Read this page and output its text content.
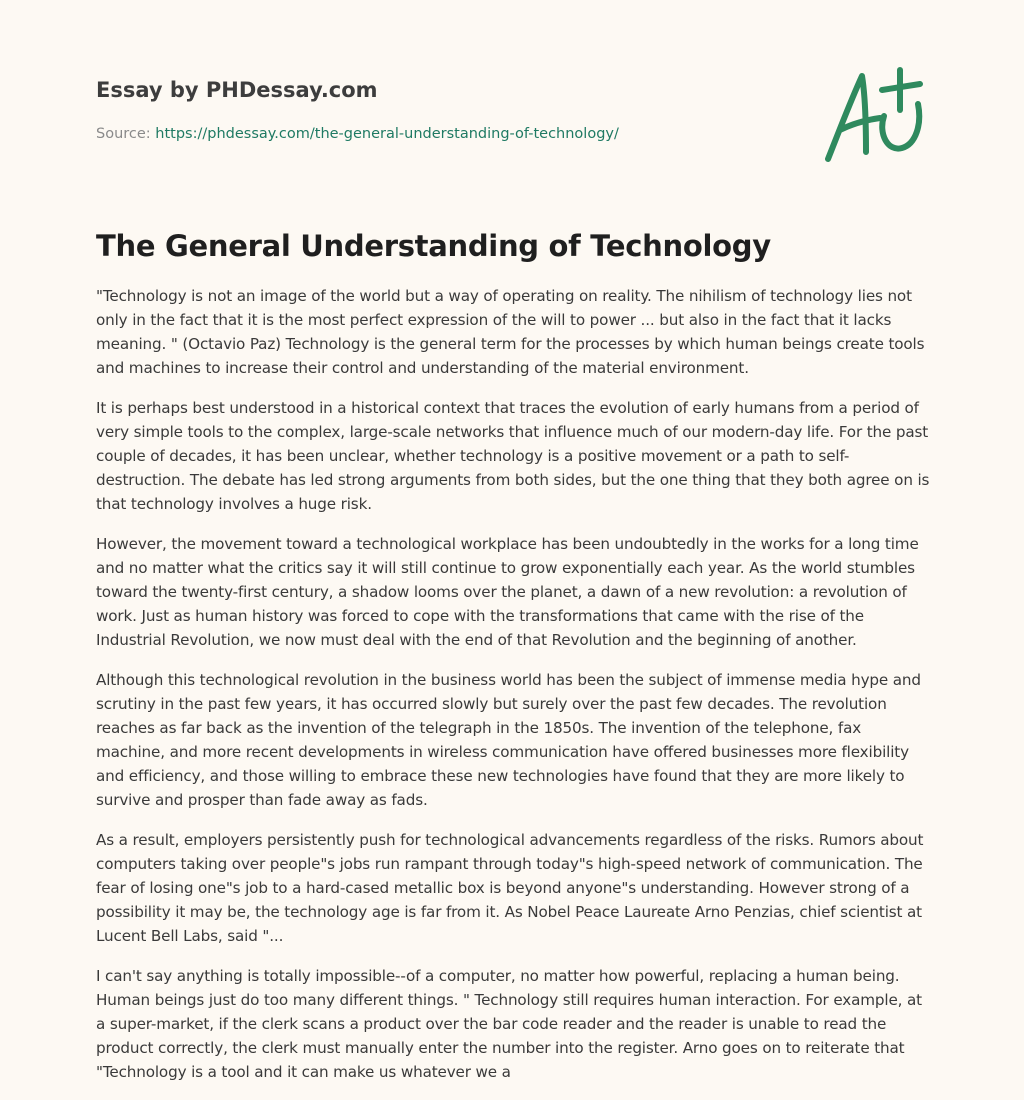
Essay by PHDessay.com
Source: https://phdessay.com/the-general-understanding-of-technology/
The General Understanding of Technology

"Technology is not an image of the world but a way of operating on reality. The nihilism of technology lies not only in the fact that it is the most perfect expression of the will to power ... but also in the fact that it lacks meaning. " (Octavio Paz) Technology is the general term for the processes by which human beings create tools and machines to increase their control and understanding of the material environment.

It is perhaps best understood in a historical context that traces the evolution of early humans from a period of very simple tools to the complex, large-scale networks that influence much of our modern-day life. For the past couple of decades, it has been unclear, whether technology is a positive movement or a path to self-destruction. The debate has led strong arguments from both sides, but the one thing that they both agree on is that technology involves a huge risk.

However, the movement toward a technological workplace has been undoubtedly in the works for a long time and no matter what the critics say it will still continue to grow exponentially each year. As the world stumbles toward the twenty-first century, a shadow looms over the planet, a dawn of a new revolution: a revolution of work. Just as human history was forced to cope with the transformations that came with the rise of the Industrial Revolution, we now must deal with the end of that Revolution and the beginning of another.

Although this technological revolution in the business world has been the subject of immense media hype and scrutiny in the past few years, it has occurred slowly but surely over the past few decades. The revolution reaches as far back as the invention of the telegraph in the 1850s. The invention of the telephone, fax machine, and more recent developments in wireless communication have offered businesses more flexibility and efficiency, and those willing to embrace these new technologies have found that they are more likely to survive and prosper than fade away as fads.

As a result, employers persistently push for technological advancements regardless of the risks. Rumors about computers taking over people"s jobs run rampant through today"s high-speed network of communication. The fear of losing one"s job to a hard-cased metallic box is beyond anyone"s understanding. However strong of a possibility it may be, the technology age is far from it. As Nobel Peace Laureate Arno Penzias, chief scientist at Lucent Bell Labs, said "...

I can't say anything is totally impossible--of a computer, no matter how powerful, replacing a human being. Human beings just do too many different things. " Technology still requires human interaction. For example, at a super-market, if the clerk scans a product over the bar code reader and the reader is unable to read the product correctly, the clerk must manually enter the number into the register. Arno goes on to reiterate that "Technology is a tool and it can make us whatever we a
